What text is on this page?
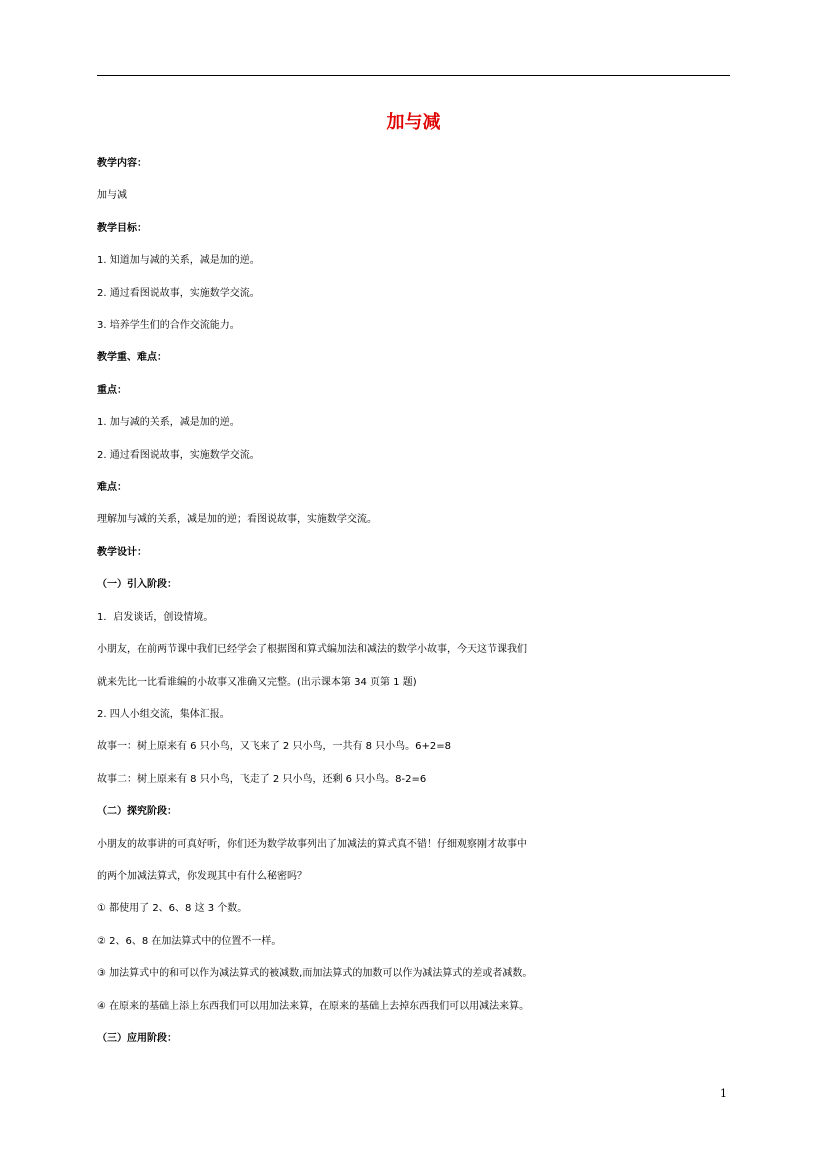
加与减
教学内容：
加与减
教学目标：
1. 知道加与减的关系，减是加的逆。
2. 通过看图说故事，实施数学交流。
3. 培养学生们的合作交流能力。
教学重、难点：
重点：
1. 加与减的关系，减是加的逆。
2. 通过看图说故事，实施数学交流。
难点：
理解加与减的关系，减是加的逆；看图说故事，实施数学交流。
教学设计：
（一）引入阶段：
1．启发谈话，创设情境。
小朋友，在前两节课中我们已经学会了根据图和算式编加法和减法的数学小故事，今天这节课我们
就来先比一比看谁编的小故事又准确又完整。(出示课本第 34 页第 1 题)
2. 四人小组交流，集体汇报。
故事一：树上原来有 6 只小鸟，又飞来了 2 只小鸟，一共有 8 只小鸟。6+2=8
故事二：树上原来有 8 只小鸟，飞走了 2 只小鸟，还剩 6 只小鸟。8-2=6
（二）探究阶段：
小朋友的故事讲的可真好听，你们还为数学故事列出了加减法的算式真不错！仔细观察刚才故事中
的两个加减法算式，你发现其中有什么秘密吗？
① 都使用了 2、6、8 这 3 个数。
② 2、6、8 在加法算式中的位置不一样。
③ 加法算式中的和可以作为减法算式的被减数,而加法算式的加数可以作为减法算式的差或者减数。
④ 在原来的基础上添上东西我们可以用加法来算，在原来的基础上去掉东西我们可以用减法来算。
（三）应用阶段：
1
